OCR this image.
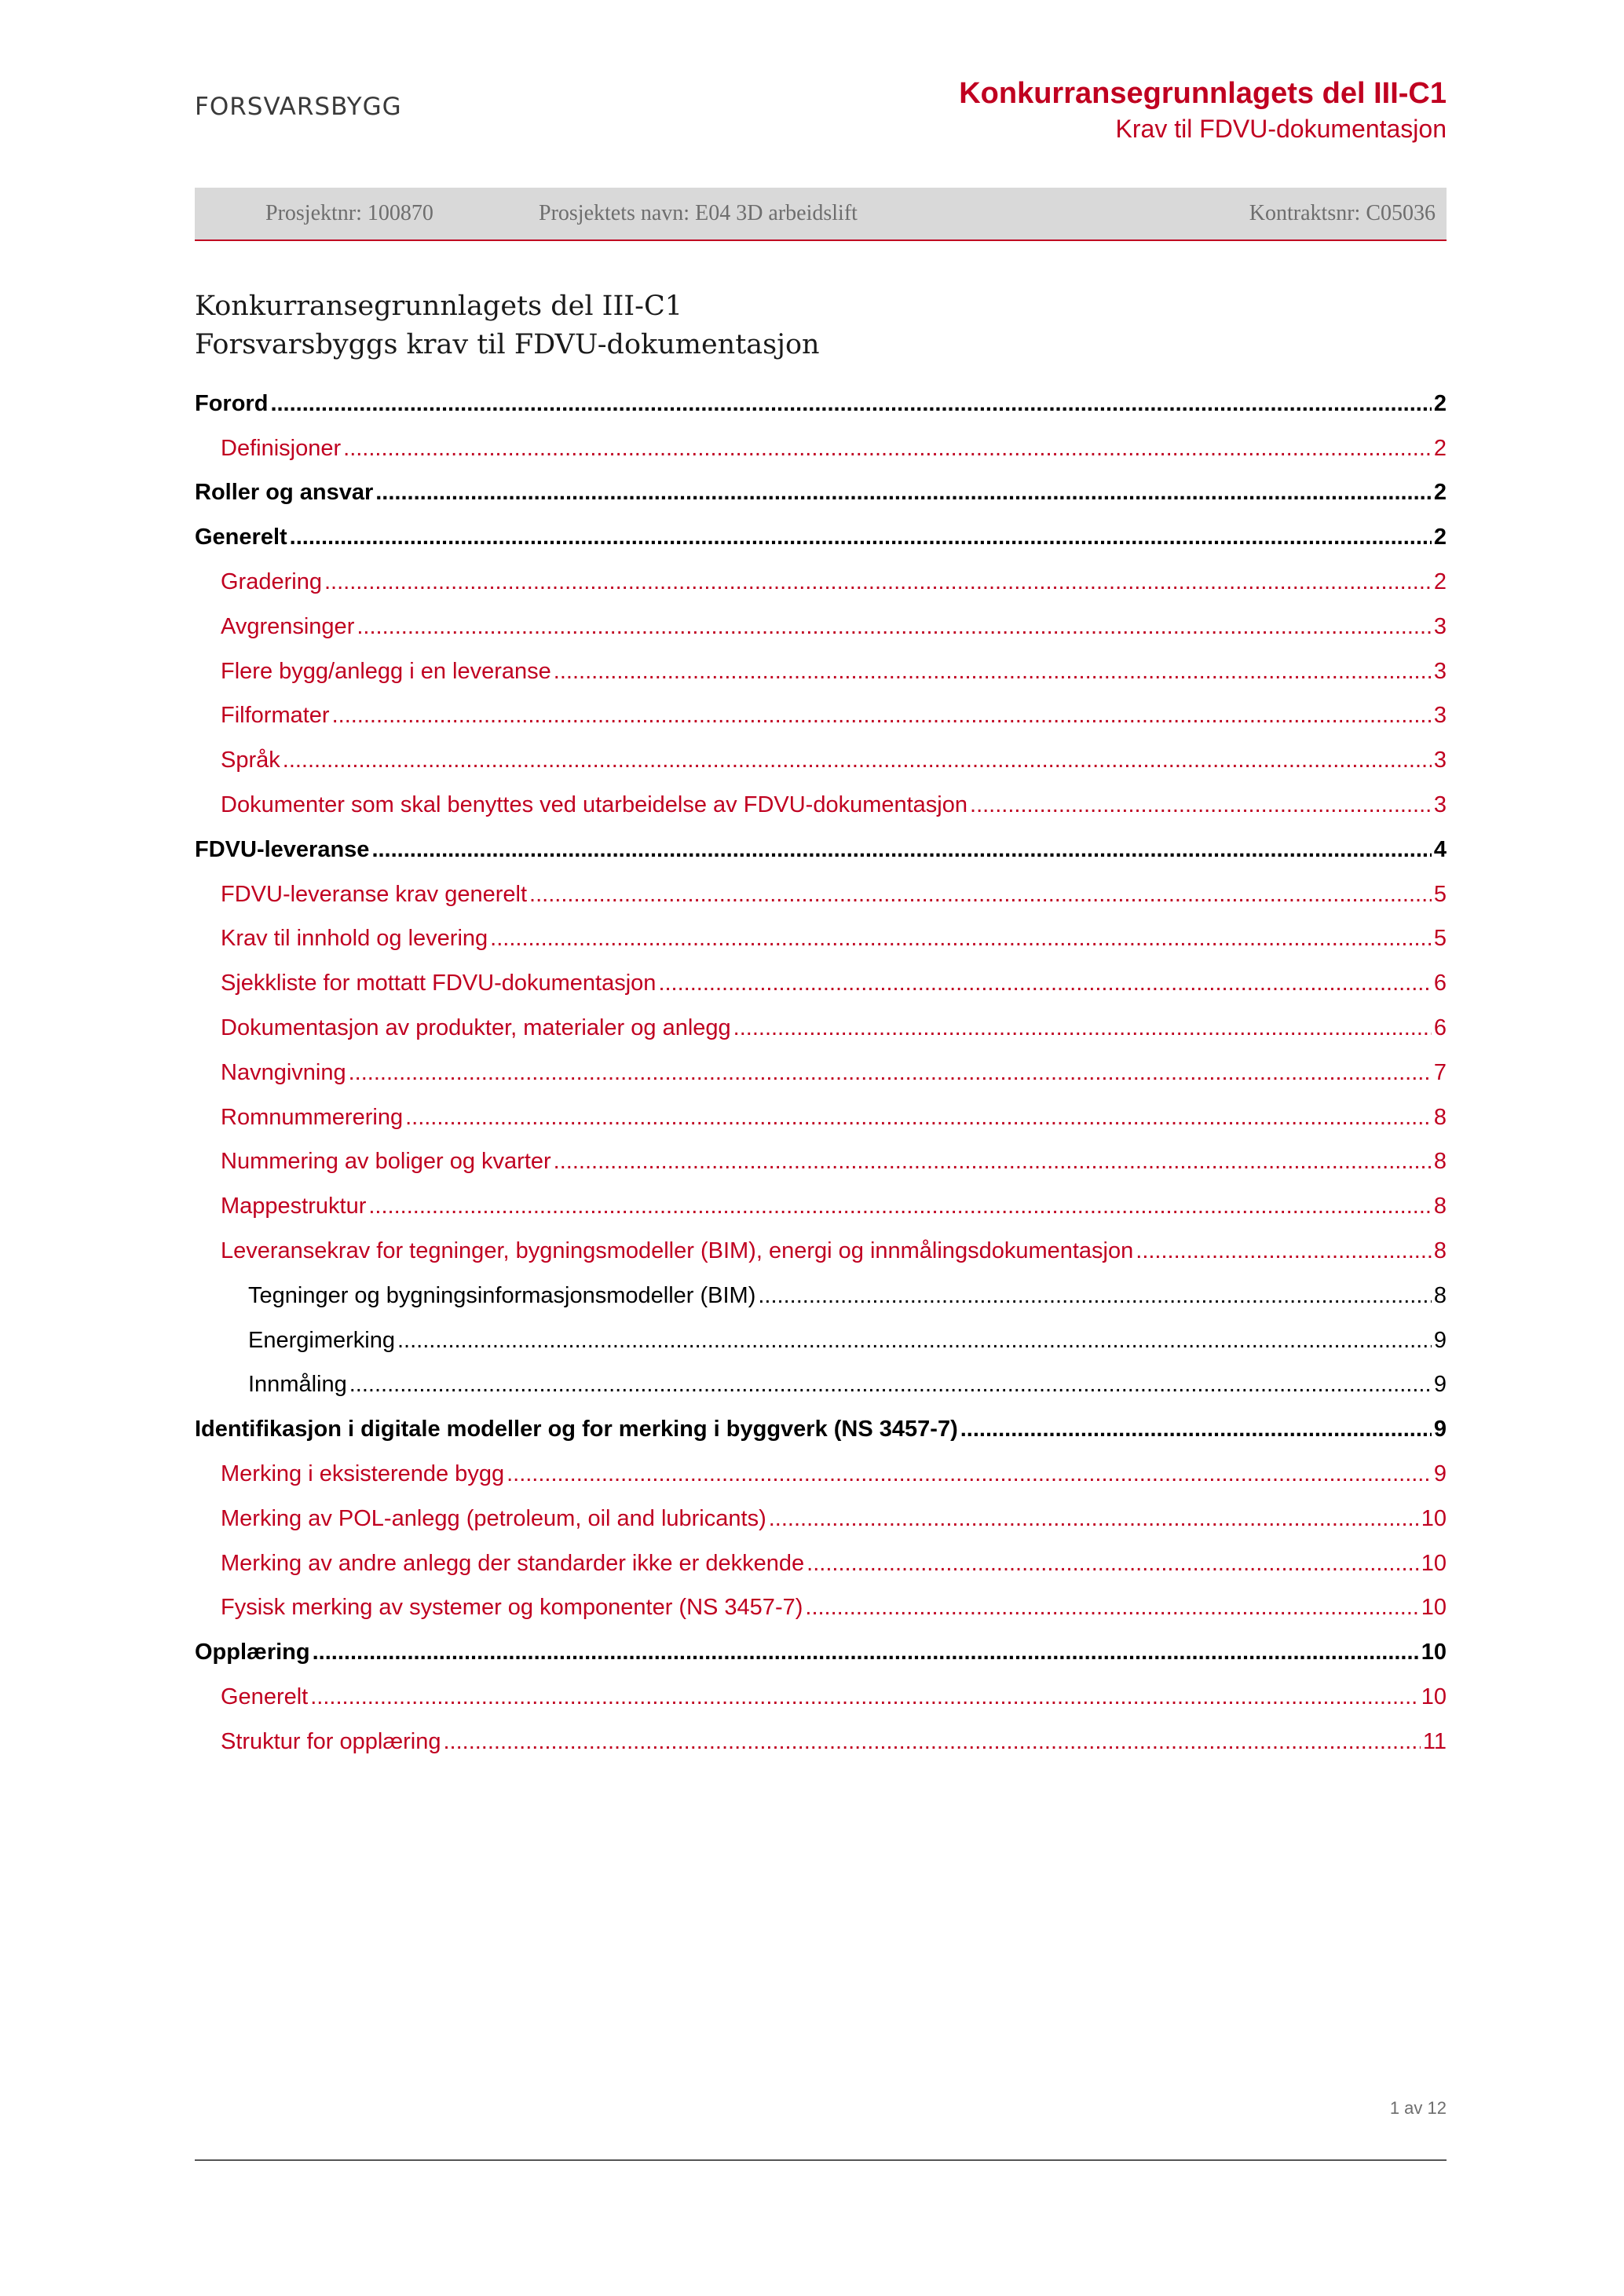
FORSVARSBYGG	Konkurransegrunnlagets del III-C1
Krav til FDVU-dokumentasjon
Prosjektnr: 100870	Prosjektets navn: E04 3D arbeidslift	Kontraktsnr: C05036
Konkurransegrunnlagets del III-C1
Forsvarsbyggs krav til FDVU-dokumentasjon
Forord .....	2
Definisjoner .....	2
Roller og ansvar .....	2
Generelt .....	2
Gradering .....	2
Avgrensinger .....	3
Flere bygg/anlegg i en leveranse .....	3
Filformater .....	3
Språk .....	3
Dokumenter som skal benyttes ved utarbeidelse av FDVU-dokumentasjon .....	3
FDVU-leveranse .....	4
FDVU-leveranse krav generelt .....	5
Krav til innhold og levering .....	5
Sjekkliste for mottatt FDVU-dokumentasjon .....	6
Dokumentasjon av produkter, materialer og anlegg .....	6
Navngivning .....	7
Romnummerering .....	8
Nummering av boliger og kvarter .....	8
Mappestruktur .....	8
Leveransekrav for tegninger, bygningsmodeller (BIM), energi og innmålingsdokumentasjon .....	8
Tegninger og bygningsinformasjonsmodeller (BIM) .....	8
Energimerking .....	9
Innmåling .....	9
Identifikasjon i digitale modeller og for merking i byggverk (NS 3457-7) .....	9
Merking i eksisterende bygg .....	9
Merking av POL-anlegg (petroleum, oil and lubricants) .....	10
Merking av andre anlegg der standarder ikke er dekkende .....	10
Fysisk merking av systemer og komponenter (NS 3457-7) .....	10
Opplæring .....	10
Generelt .....	10
Struktur for opplæring .....	11
1 av 12
